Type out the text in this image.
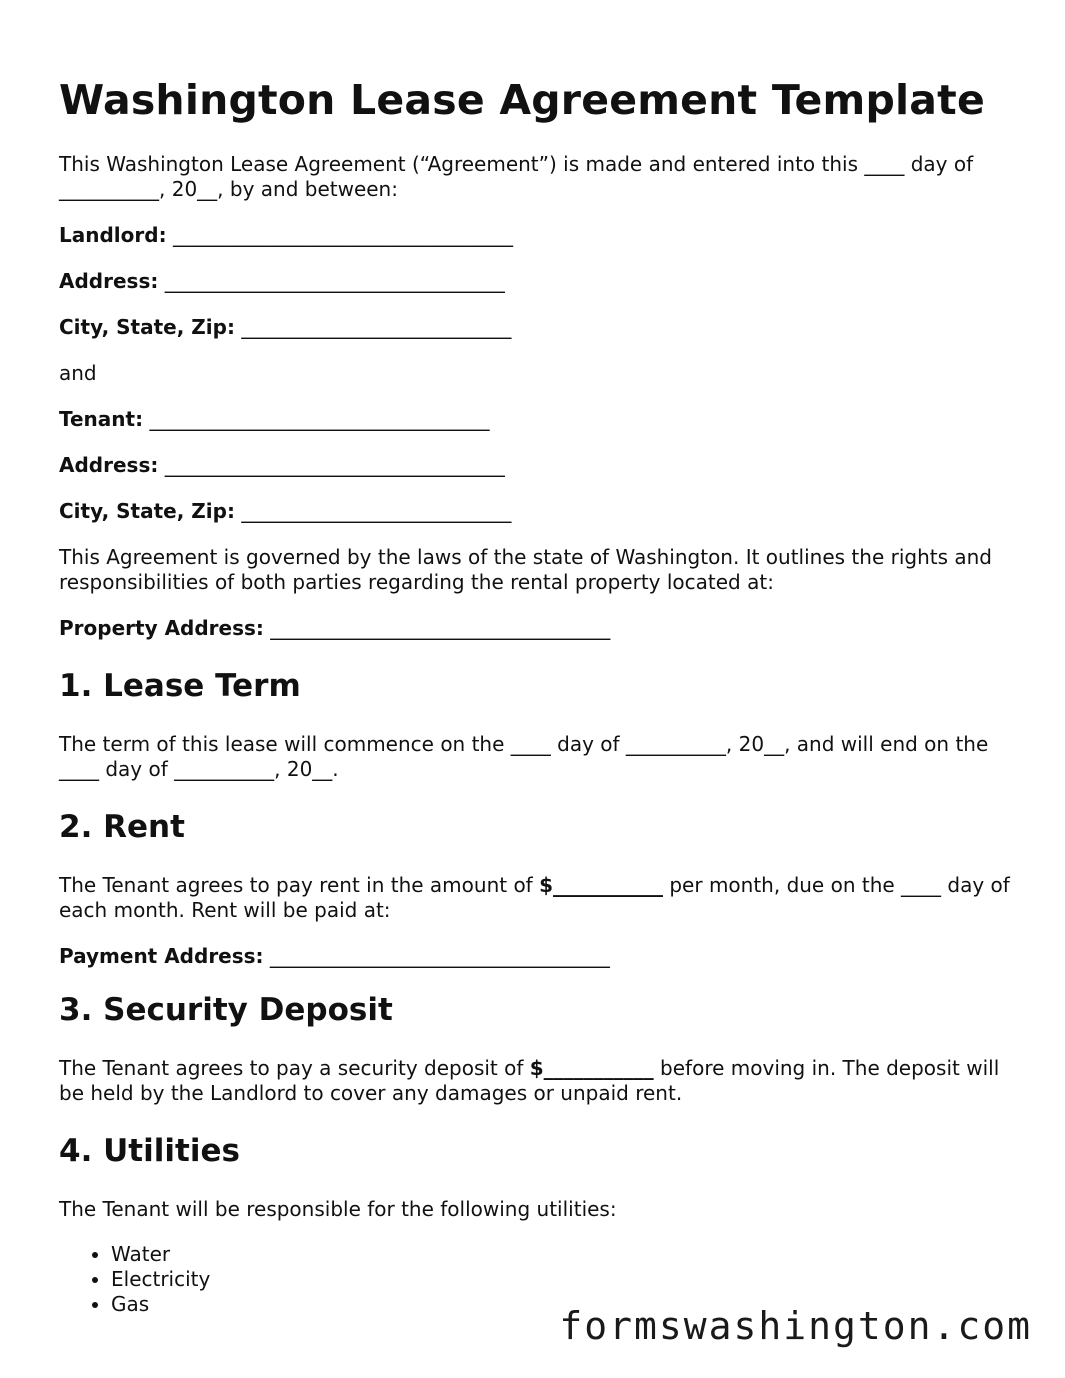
Washington Lease Agreement Template

This Washington Lease Agreement (“Agreement”) is made and entered into this ____ day of __________, 20__, by and between:

Landlord: __________________________________
Address: __________________________________
City, State, Zip: ___________________________

and

Tenant: __________________________________
Address: __________________________________
City, State, Zip: ___________________________

This Agreement is governed by the laws of the state of Washington. It outlines the rights and responsibilities of both parties regarding the rental property located at:

Property Address: __________________________________
1. Lease Term

The term of this lease will commence on the ____ day of __________, 20__, and will end on the ____ day of __________, 20__.

2. Rent

The Tenant agrees to pay rent in the amount of $___________ per month, due on the ____ day of each month. Rent will be paid at:

Payment Address: __________________________________
3. Security Deposit

The Tenant agrees to pay a security deposit of $___________ before moving in. The deposit will be held by the Landlord to cover any damages or unpaid rent.

4. Utilities

The Tenant will be responsible for the following utilities:

• Water
• Electricity
• Gas	formswashington.com
